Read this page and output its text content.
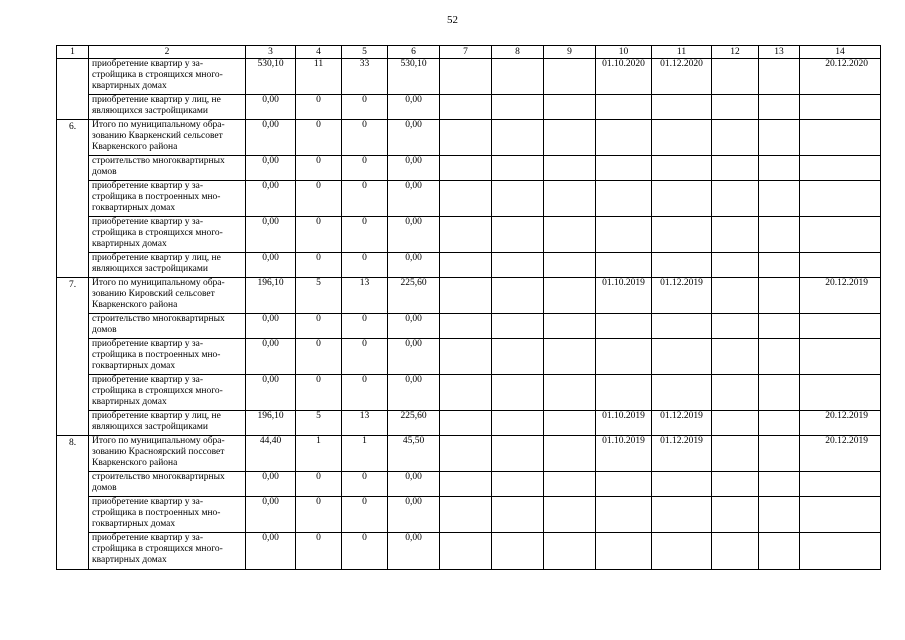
52
1	2	3	4	5	6	7	8	9	10	11	12	13	14
	приобретение квартир у за-
стройщика в строящихся много-
квартирных домах	530,10	11	33	530,10				01.10.2020	01.12.2020			20.12.2020
	приобретение квартир у лиц, не
являющихся застройщиками	0,00	0	0	0,00								
6.	Итого по муниципальному обра-
зованию Кваркенский сельсовет
Кваркенского района	0,00	0	0	0,00								
	строительство многоквартирных
домов	0,00	0	0	0,00								
	приобретение квартир у за-
стройщика в построенных мно-
гоквартирных домах	0,00	0	0	0,00								
	приобретение квартир у за-
стройщика в строящихся много-
квартирных домах	0,00	0	0	0,00								
	приобретение квартир у лиц, не
являющихся застройщиками	0,00	0	0	0,00								
7.	Итого по муниципальному обра-
зованию Кировский сельсовет
Кваркенского района	196,10	5	13	225,60				01.10.2019	01.12.2019			20.12.2019
	строительство многоквартирных
домов	0,00	0	0	0,00								
	приобретение квартир у за-
стройщика в построенных мно-
гоквартирных домах	0,00	0	0	0,00								
	приобретение квартир у за-
стройщика в строящихся много-
квартирных домах	0,00	0	0	0,00								
	приобретение квартир у лиц, не
являющихся застройщиками	196,10	5	13	225,60				01.10.2019	01.12.2019			20.12.2019
8.	Итого по муниципальному обра-
зованию Красноярский поссовет
Кваркенского района	44,40	1	1	45,50				01.10.2019	01.12.2019			20.12.2019
	строительство многоквартирных
домов	0,00	0	0	0,00								
	приобретение квартир у за-
стройщика в построенных мно-
гоквартирных домах	0,00	0	0	0,00								
	приобретение квартир у за-
стройщика в строящихся много-
квартирных домах	0,00	0	0	0,00								
